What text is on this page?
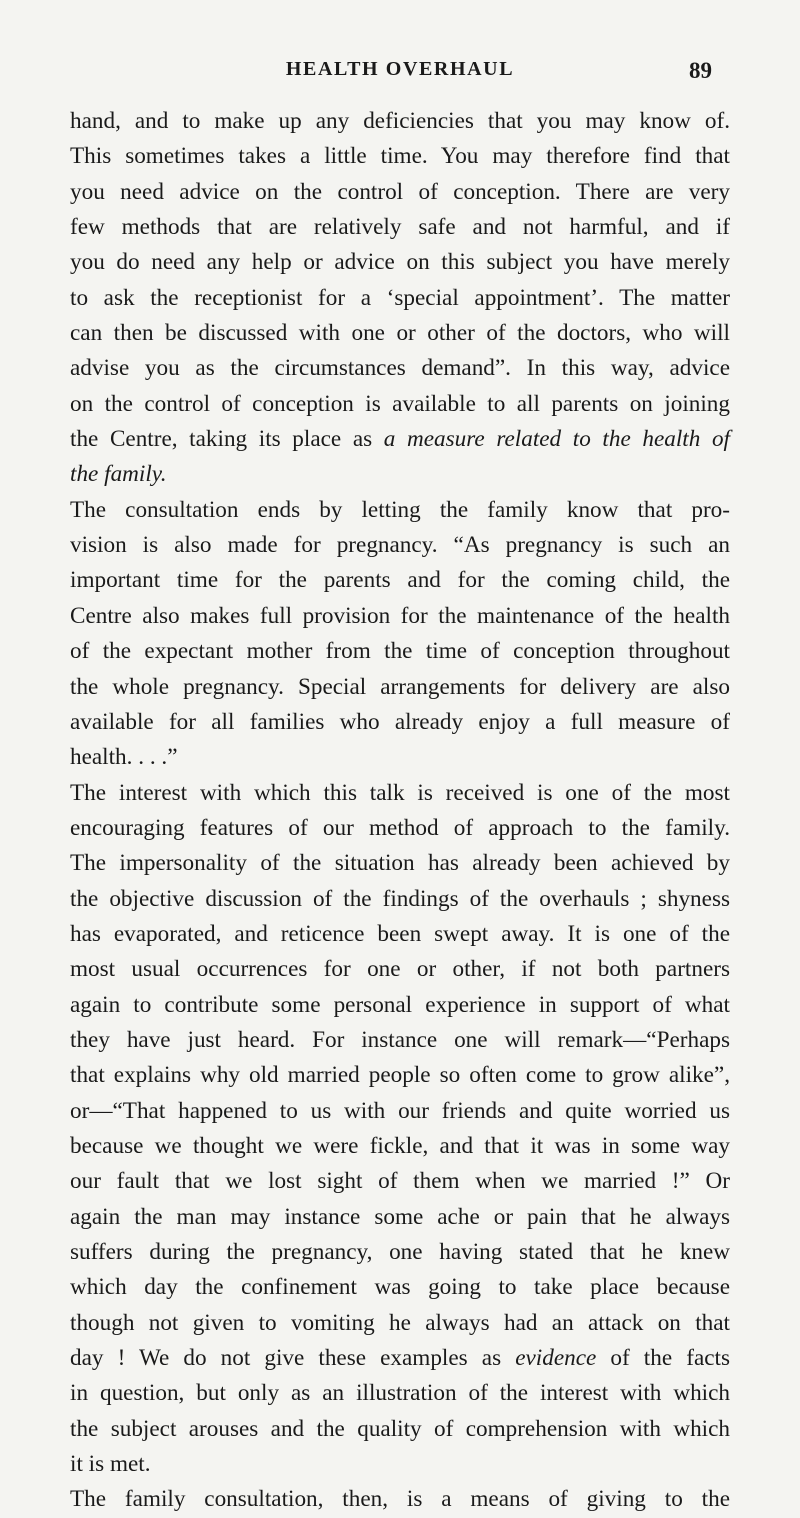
HEALTH OVERHAUL	89

hand, and to make up any deficiencies that you may know of.
This sometimes takes a little time. You may therefore find that
you need advice on the control of conception. There are very
few methods that are relatively safe and not harmful, and if
you do need any help or advice on this subject you have merely
to ask the receptionist for a ‘special appointment’. The matter
can then be discussed with one or other of the doctors, who will
advise you as the circumstances demand”. In this way, advice
on the control of conception is available to all parents on joining
the Centre, taking its place as a measure related to the health of
the family.

The consultation ends by letting the family know that pro-
vision is also made for pregnancy. “As pregnancy is such an
important time for the parents and for the coming child, the
Centre also makes full provision for the maintenance of the health
of the expectant mother from the time of conception throughout
the whole pregnancy. Special arrangements for delivery are also
available for all families who already enjoy a full measure of
health. . . .”

The interest with which this talk is received is one of the most
encouraging features of our method of approach to the family.
The impersonality of the situation has already been achieved by
the objective discussion of the findings of the overhauls ; shyness
has evaporated, and reticence been swept away. It is one of the
most usual occurrences for one or other, if not both partners
again to contribute some personal experience in support of what
they have just heard. For instance one will remark—“Perhaps
that explains why old married people so often come to grow alike”,
or—“That happened to us with our friends and quite worried us
because we thought we were fickle, and that it was in some way
our fault that we lost sight of them when we married !” Or
again the man may instance some ache or pain that he always
suffers during the pregnancy, one having stated that he knew
which day the confinement was going to take place because
though not given to vomiting he always had an attack on that
day ! We do not give these examples as evidence of the facts
in question, but only as an illustration of the interest with which
the subject arouses and the quality of comprehension with which
it is met.

The family consultation, then, is a means of giving to the
